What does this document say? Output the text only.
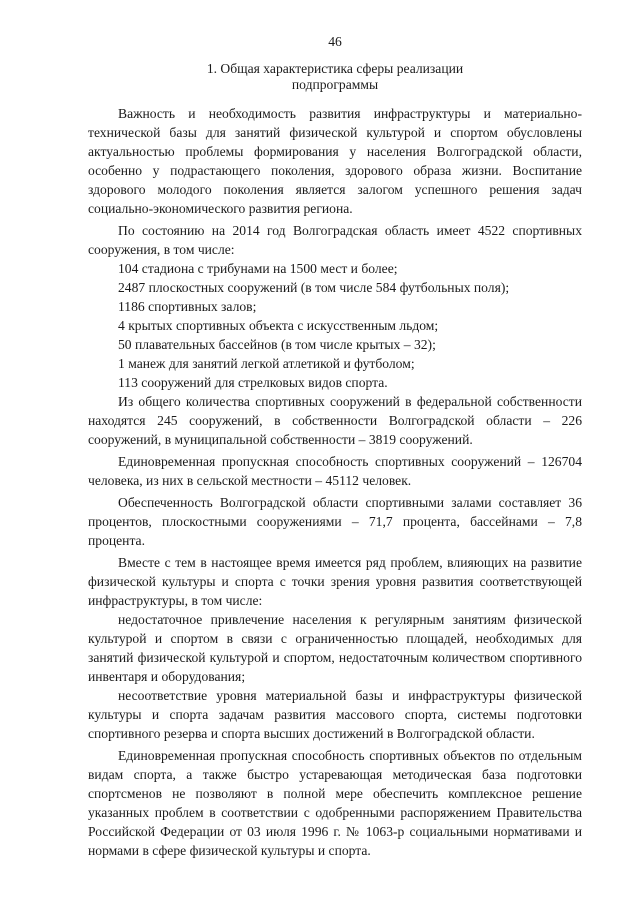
46
1. Общая характеристика сферы реализации
подпрограммы

Важность и необходимость развития инфраструктуры и материально-технической базы для занятий физической культурой и спортом обусловлены актуальностью проблемы формирования у населения Волгоградской области, особенно у подрастающего поколения, здорового образа жизни. Воспитание здорового молодого поколения является залогом успешного решения задач социально-экономического развития региона.

По состоянию на 2014 год Волгоградская область имеет 4522 спортивных сооружения, в том числе:

104 стадиона с трибунами на 1500 мест и более;

2487 плоскостных сооружений (в том числе 584 футбольных поля);

1186 спортивных залов;

4 крытых спортивных объекта с искусственным льдом;

50 плавательных бассейнов (в том числе крытых – 32);

1 манеж для занятий легкой атлетикой и футболом;

113 сооружений для стрелковых видов спорта.

Из общего количества спортивных сооружений в федеральной собственности находятся 245 сооружений, в собственности Волгоградской области – 226 сооружений, в муниципальной собственности – 3819 сооружений.

Единовременная пропускная способность спортивных сооружений – 126704 человека, из них в сельской местности – 45112 человек.

Обеспеченность Волгоградской области спортивными залами составляет 36 процентов, плоскостными сооружениями – 71,7 процента, бассейнами – 7,8 процента.

Вместе с тем в настоящее время имеется ряд проблем, влияющих на развитие физической культуры и спорта с точки зрения уровня развития соответствующей инфраструктуры, в том числе:

недостаточное привлечение населения к регулярным занятиям физической культурой и спортом в связи с ограниченностью площадей, необходимых для занятий физической культурой и спортом, недостаточным количеством спортивного инвентаря и оборудования;

несоответствие уровня материальной базы и инфраструктуры физической культуры и спорта задачам развития массового спорта, системы подготовки спортивного резерва и спорта высших достижений в Волгоградской области.

Единовременная пропускная способность спортивных объектов по отдельным видам спорта, а также быстро устаревающая методическая база подготовки спортсменов не позволяют в полной мере обеспечить комплексное решение указанных проблем в соответствии с одобренными распоряжением Правительства Российской Федерации от 03 июля 1996 г. № 1063-р социальными нормативами и нормами в сфере физической культуры и спорта.
